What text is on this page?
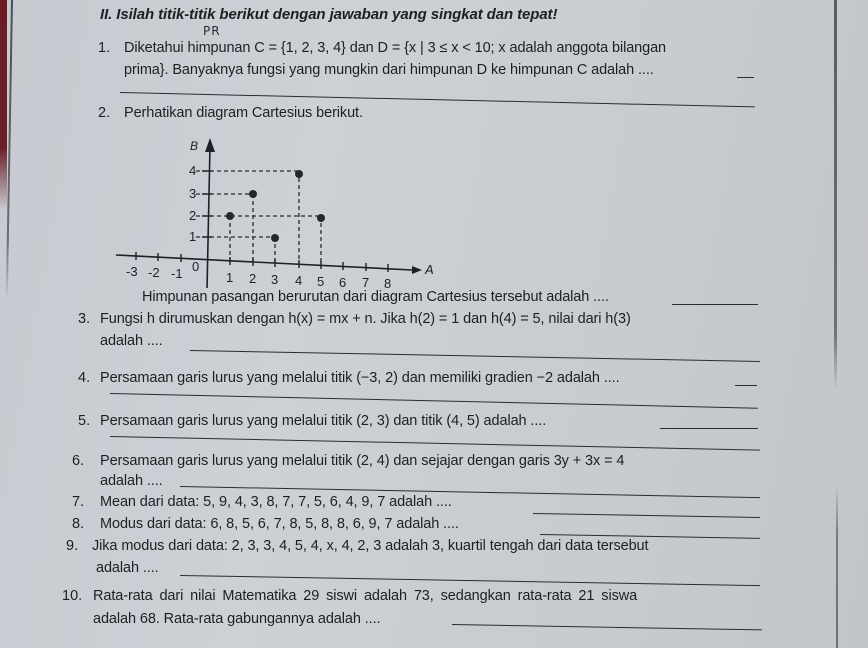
II. Isilah titik-titik berikut dengan jawaban yang singkat dan tepat!
PR
1. Diketahui himpunan C = {1, 2, 3, 4} dan D = {x | 3 ≤ x < 10; x adalah anggota bilangan
prima}. Banyaknya fungsi yang mungkin dari himpunan D ke himpunan C adalah ....
2. Perhatikan diagram Cartesius berikut.
-3 -2 -1 0
1 2 3 4 5 6 7 8
1
2
3
4
A
B
Himpunan pasangan berurutan dari diagram Cartesius tersebut adalah ....
3. Fungsi h dirumuskan dengan h(x) = mx + n. Jika h(2) = 1 dan h(4) = 5, nilai dari h(3)
adalah ....
4. Persamaan garis lurus yang melalui titik (−3, 2) dan memiliki gradien −2 adalah ....
5. Persamaan garis lurus yang melalui titik (2, 3) dan titik (4, 5) adalah ....
6. Persamaan garis lurus yang melalui titik (2, 4) dan sejajar dengan garis 3y + 3x = 4
adalah ....
7. Mean dari data: 5, 9, 4, 3, 8, 7, 7, 5, 6, 4, 9, 7 adalah ....
8. Modus dari data: 6, 8, 5, 6, 7, 8, 5, 8, 8, 6, 9, 7 adalah ....
9. Jika modus dari data: 2, 3, 3, 4, 5, 4, x, 4, 2, 3 adalah 3, kuartil tengah dari data tersebut
adalah ....
10. Rata-rata dari nilai Matematika 29 siswi adalah 73, sedangkan rata-rata 21 siswa
adalah 68. Rata-rata gabungannya adalah ....
